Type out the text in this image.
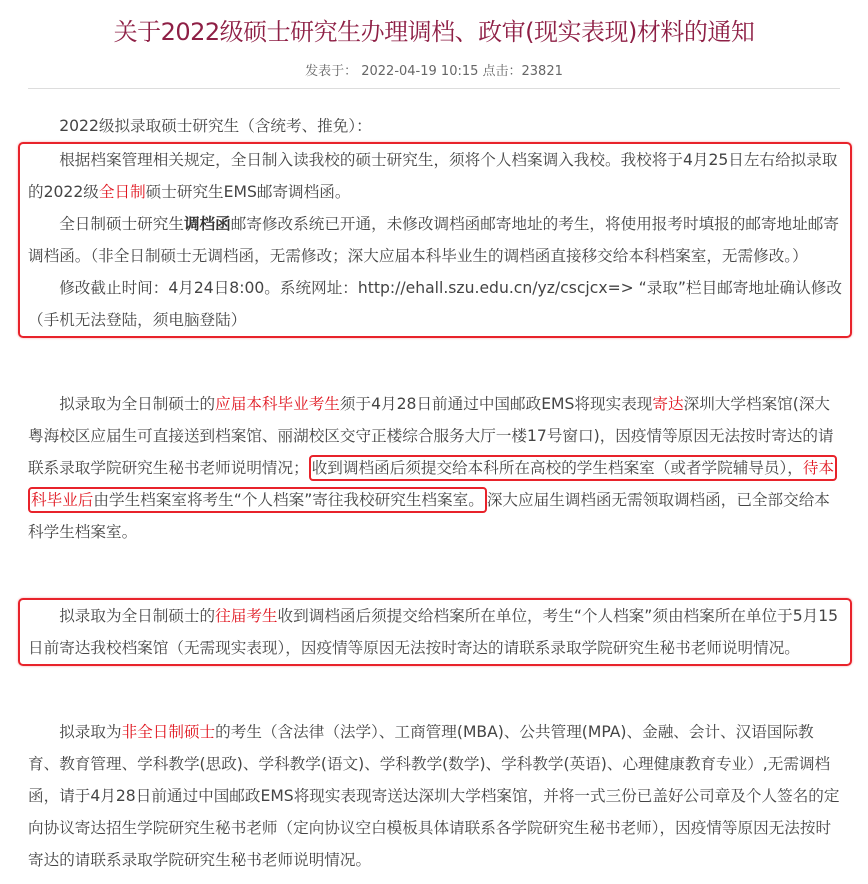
关于2022级硕士研究生办理调档、政审(现实表现)材料的通知
发表于： 2022-04-19 10:15 点击：23821

2022级拟录取硕士研究生（含统考、推免）：

根据档案管理相关规定，全日制入读我校的硕士研究生，须将个人档案调入我校。我校将于4月25日左右给拟录取的2022级全日制硕士研究生EMS邮寄调档函。

全日制硕士研究生调档函邮寄修改系统已开通，未修改调档函邮寄地址的考生，将使用报考时填报的邮寄地址邮寄调档函。（非全日制硕士无调档函，无需修改；深大应届本科毕业生的调档函直接移交给本科档案室，无需修改。）

修改截止时间：4月24日8:00。系统网址：http://ehall.szu.edu.cn/yz/cscjcx=> “录取”栏目邮寄地址确认修改（手机无法登陆，须电脑登陆）

拟录取为全日制硕士的应届本科毕业考生须于4月28日前通过中国邮政EMS将现实表现寄达深圳大学档案馆(深大粤海校区应届生可直接送到档案馆、丽湖校区交守正楼综合服务大厅一楼17号窗口)，因疫情等原因无法按时寄达的请联系录取学院研究生秘书老师说明情况； 收到调档函后须提交给本科所在高校的学生档案室（或者学院辅导员），待本科毕业后由学生档案室将考生“个人档案”寄往我校研究生档案室。 深大应届生调档函无需领取调档函，已全部交给本科学生档案室。

拟录取为全日制硕士的往届考生收到调档函后须提交给档案所在单位，考生“个人档案”须由档案所在单位于5月15日前寄达我校档案馆（无需现实表现），因疫情等原因无法按时寄达的请联系录取学院研究生秘书老师说明情况。

拟录取为非全日制硕士的考生（含法律（法学）、工商管理(MBA)、公共管理(MPA)、金融、会计、汉语国际教育、教育管理、学科教学(思政)、学科教学(语文)、学科教学(数学)、学科教学(英语)、心理健康教育专业）,无需调档函，请于4月28日前通过中国邮政EMS将现实表现寄送达深圳大学档案馆，并将一式三份已盖好公司章及个人签名的定向协议寄达招生学院研究生秘书老师（定向协议空白模板具体请联系各学院研究生秘书老师），因疫情等原因无法按时寄达的请联系录取学院研究生秘书老师说明情况。
